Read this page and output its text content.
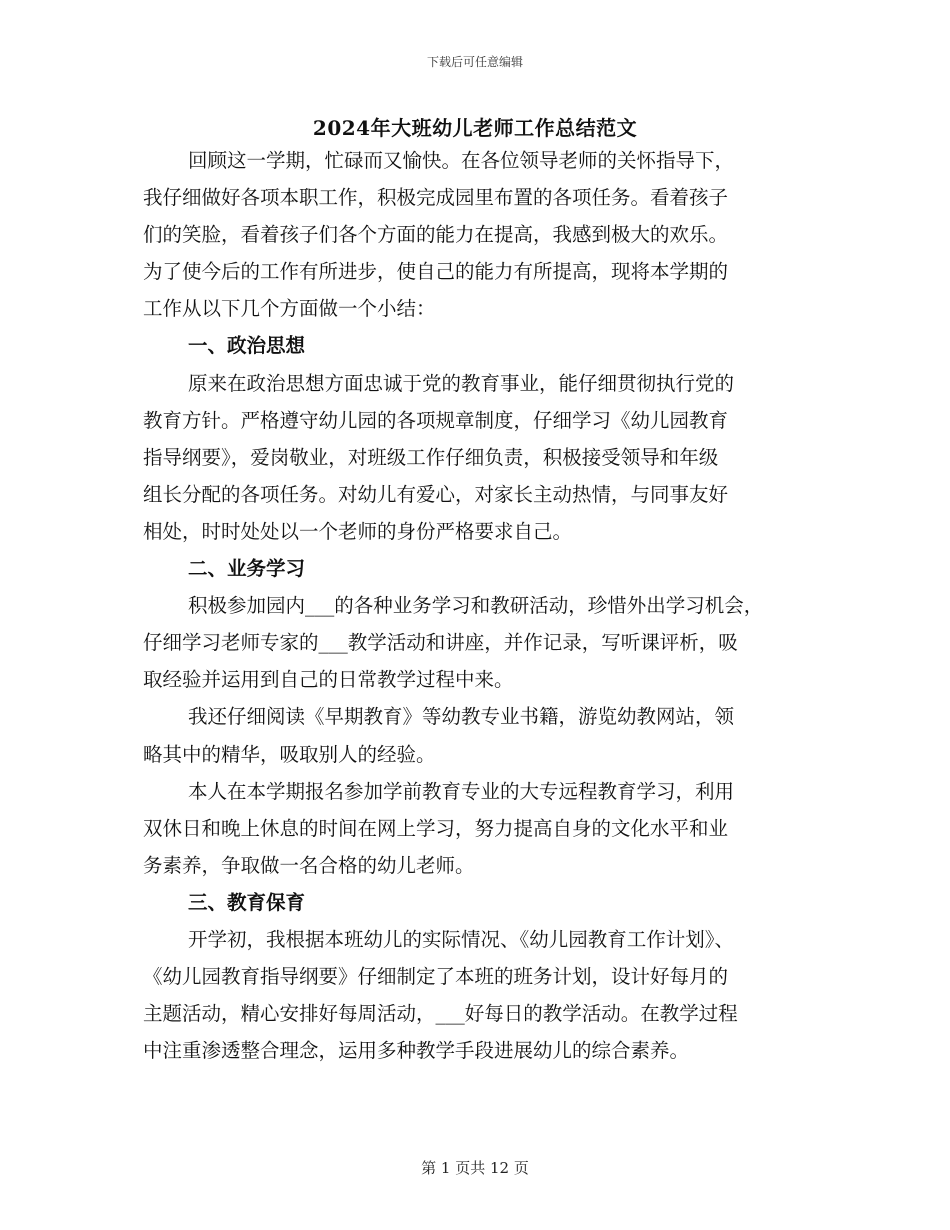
下载后可任意编辑
2024年大班幼儿老师工作总结范文
回顾这一学期，忙碌而又愉快。在各位领导老师的关怀指导下，
我仔细做好各项本职工作，积极完成园里布置的各项任务。看着孩子
们的笑脸，看着孩子们各个方面的能力在提高，我感到极大的欢乐。
为了使今后的工作有所进步，使自己的能力有所提高，现将本学期的
工作从以下几个方面做一个小结：
一、政治思想
原来在政治思想方面忠诚于党的教育事业，能仔细贯彻执行党的
教育方针。严格遵守幼儿园的各项规章制度，仔细学习《幼儿园教育
指导纲要》，爱岗敬业，对班级工作仔细负责，积极接受领导和年级
组长分配的各项任务。对幼儿有爱心，对家长主动热情，与同事友好
相处，时时处处以一个老师的身份严格要求自己。
二、业务学习
积极参加园内___的各种业务学习和教研活动，珍惜外出学习机会，
仔细学习老师专家的___教学活动和讲座，并作记录，写听课评析，吸
取经验并运用到自己的日常教学过程中来。
我还仔细阅读《早期教育》等幼教专业书籍，游览幼教网站，领
略其中的精华，吸取别人的经验。
本人在本学期报名参加学前教育专业的大专远程教育学习，利用
双休日和晚上休息的时间在网上学习，努力提高自身的文化水平和业
务素养，争取做一名合格的幼儿老师。
三、教育保育
开学初，我根据本班幼儿的实际情况、《幼儿园教育工作计划》、
《幼儿园教育指导纲要》仔细制定了本班的班务计划，设计好每月的
主题活动，精心安排好每周活动，___好每日的教学活动。在教学过程
中注重渗透整合理念，运用多种教学手段进展幼儿的综合素养。
第 1 页共 12 页
